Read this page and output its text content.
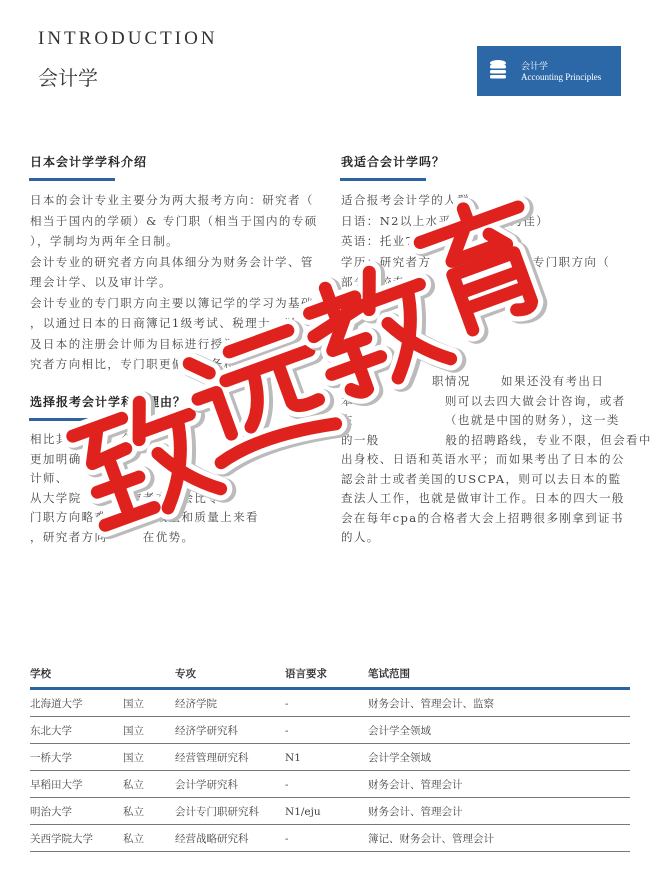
INTRODUCTION
会计学	会计学
Accounting Principles
日本会计学学科介绍
日本的会计专业主要分为两大报考方向：研究者（
相当于国内的学硕）& 专门职（相当于国内的专硕
），学制均为两年全日制。
会计专业的研究者方向具体细分为财务会计学、管
理会计学、以及审计学。
会计专业的专门职方向主要以簿记学的学习为基础
，以通过日本的日商簿记1级考试、税理士、以
及日本的注册会计师为目标进行授课和学习。与
究者方向相比，专门职更偏向实务和应
选择报考会计学科的理由？
相比其他专业，会
更加明确
计师、
从大学院       研究者方向会比专
门职方向略难，       数量和质量上来看
，研究者方向       在优势。
我适合会计学吗？
适合报考会计学的人群
日语：N2以上水平（N1水准为佳）
英语：托业750以上
学历：研究者方           为佳），专门职方向（
部分学校专科也           历为佳）
本科专业：不
职情况      如果还没有考出日
本                  则可以去四大做会计咨询，或者
在                  （也就是中国的财务），这一类
的一般             般的招聘路线，专业不限，但会看中
出身校、日语和英语水平；而如果考出了日本的公
認会計士或者美国的USCPA，则可以去日本的監
查法人工作，也就是做审计工作。日本的四大一般
会在每年cpa的合格者大会上招聘很多刚拿到证书
的人。
学校		专攻	语言要求	笔试范围
北海道大学	国立	经济学院	-	财务会计、管理会计、监察
东北大学	国立	经济学研究科	-	会计学全领域
一桥大学	国立	经营管理研究科	N1	会计学全领域
早稻田大学	私立	会计学研究科	-	财务会计、管理会计
明治大学	私立	会计专门职研究科	N1/eju	财务会计、管理会计
关西学院大学	私立	经营战略研究科	-	簿记、财务会计、管理会计
